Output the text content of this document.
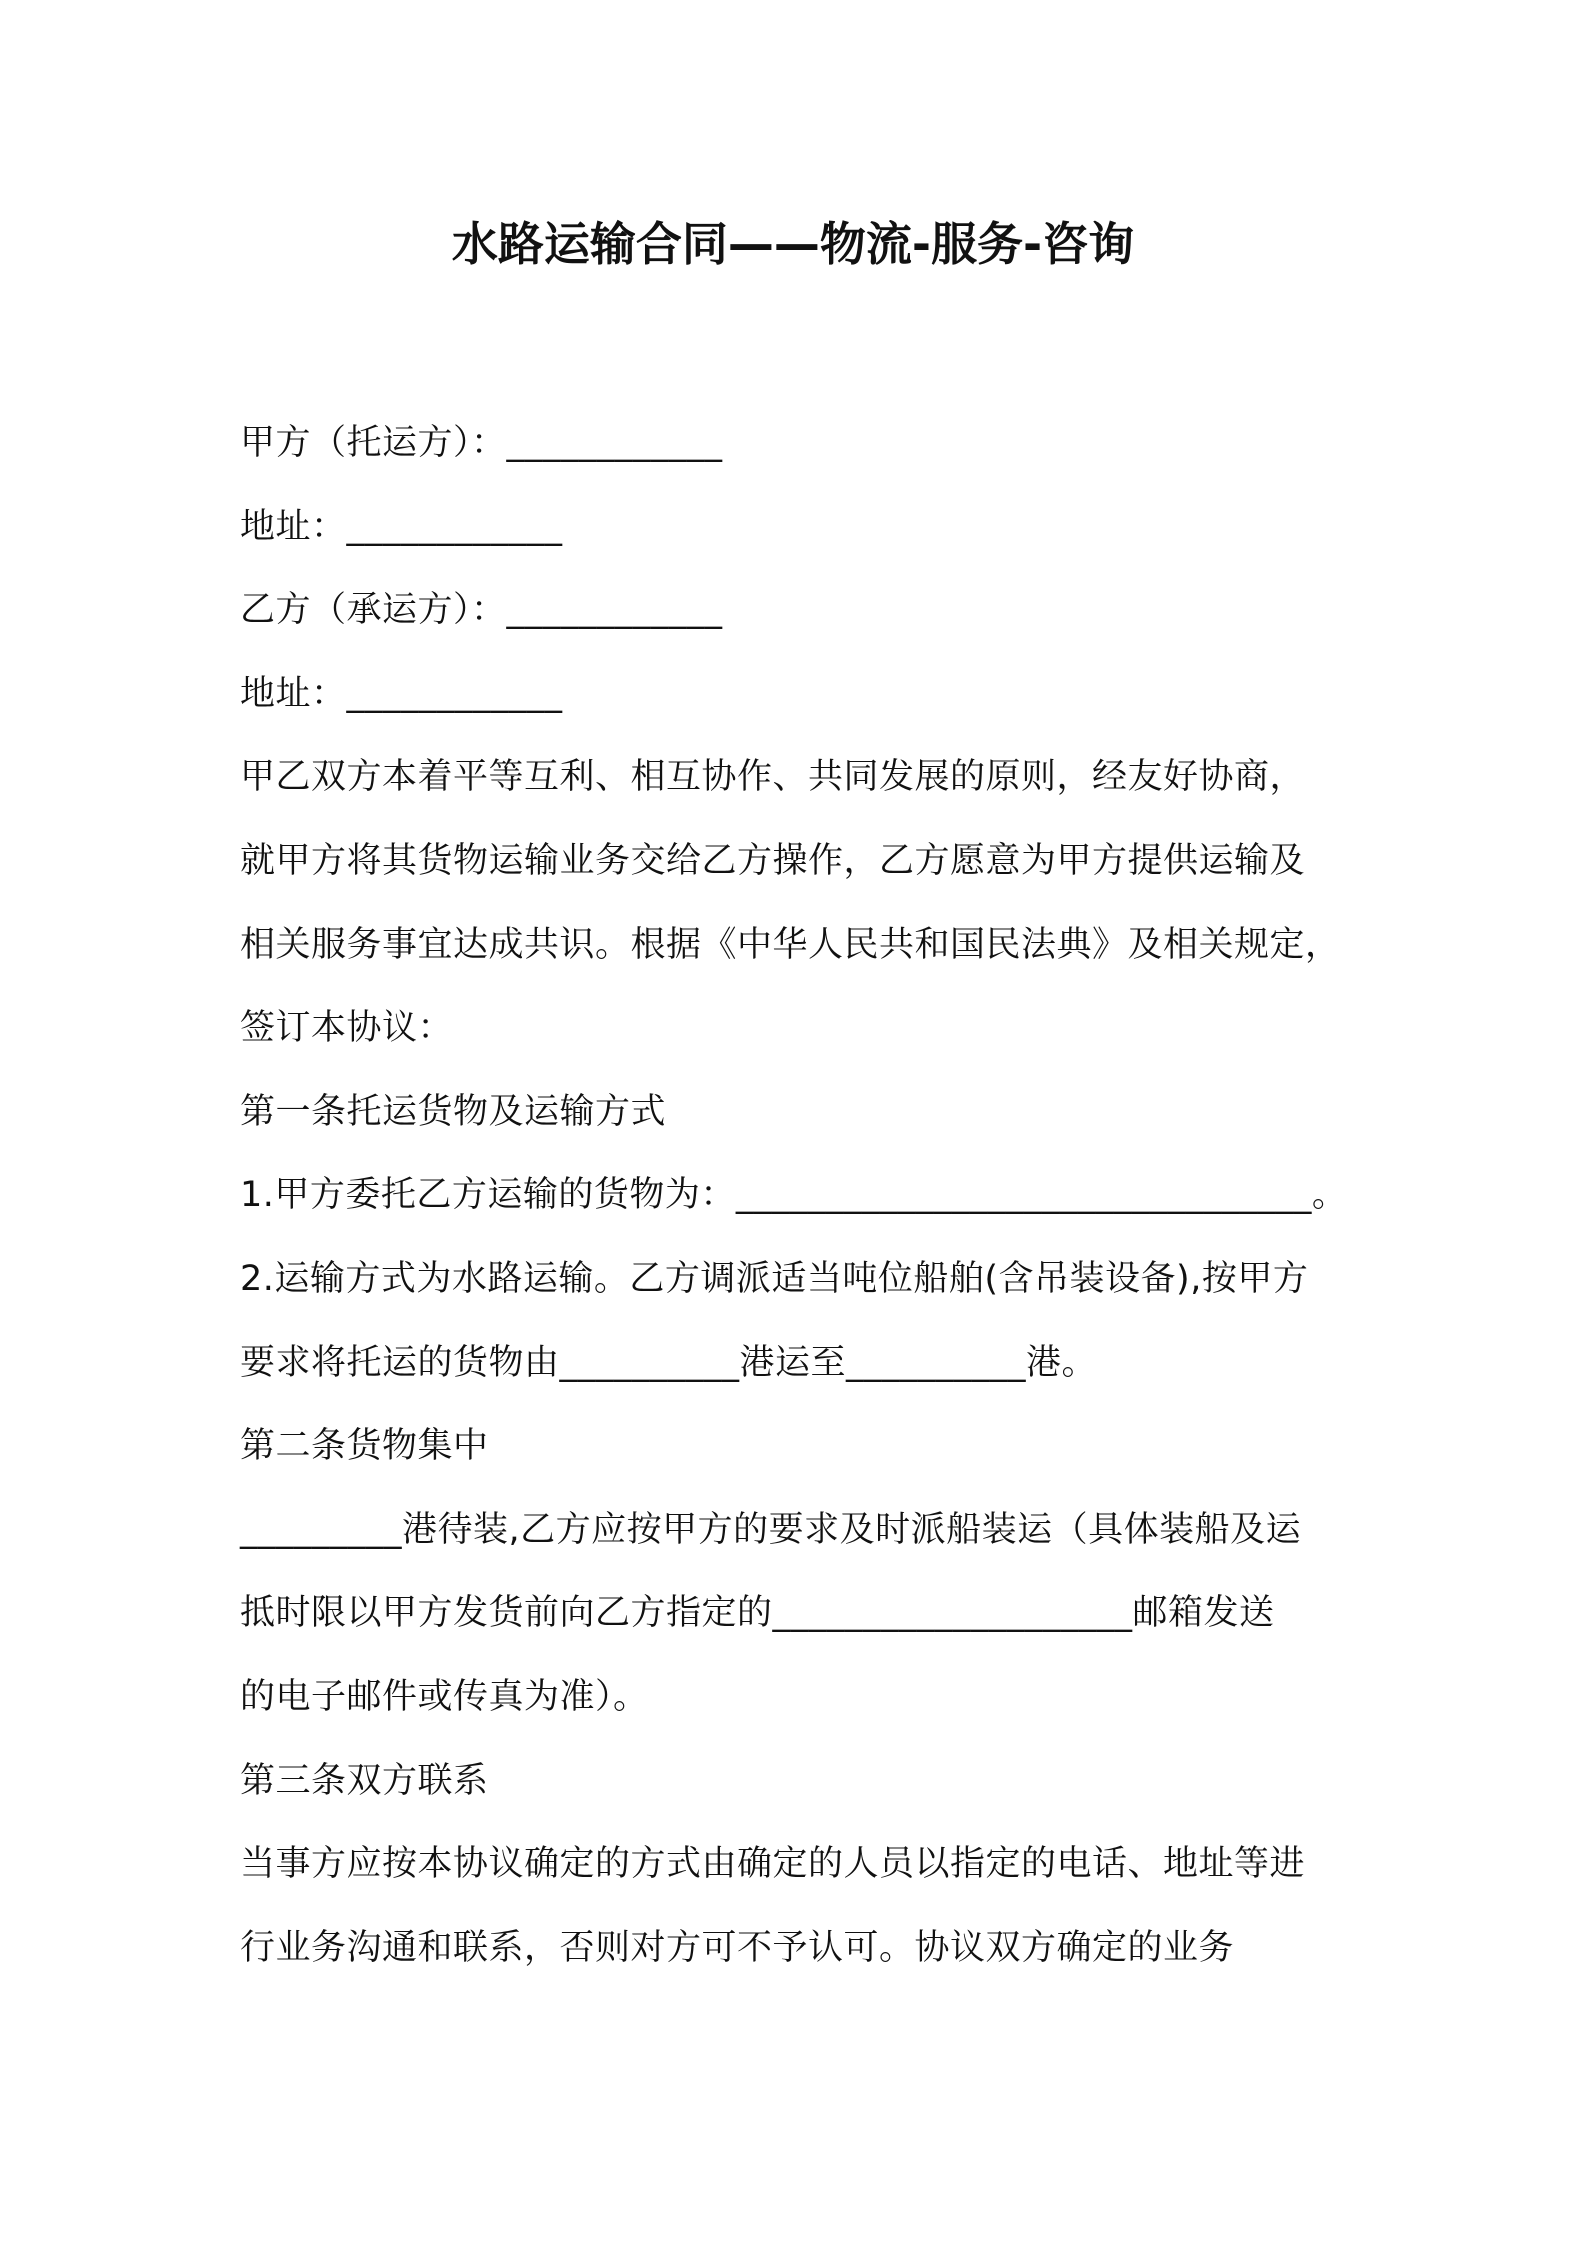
水路运输合同——物流-服务-咨询
甲方（托运方）：____________
地址：____________
乙方（承运方）：____________
地址：____________
甲乙双方本着平等互利、相互协作、共同发展的原则，经友好协商，
就甲方将其货物运输业务交给乙方操作，乙方愿意为甲方提供运输及
相关服务事宜达成共识。根据《中华人民共和国民法典》及相关规定，
签订本协议：
第一条托运货物及运输方式
1.甲方委托乙方运输的货物为：________________________________。
2.运输方式为水路运输。乙方调派适当吨位船舶(含吊装设备),按甲方
要求将托运的货物由__________港运至__________港。
第二条货物集中
_________港待装,乙方应按甲方的要求及时派船装运（具体装船及运
抵时限以甲方发货前向乙方指定的____________________邮箱发送
的电子邮件或传真为准）。
第三条双方联系
当事方应按本协议确定的方式由确定的人员以指定的电话、地址等进
行业务沟通和联系，否则对方可不予认可。协议双方确定的业务
